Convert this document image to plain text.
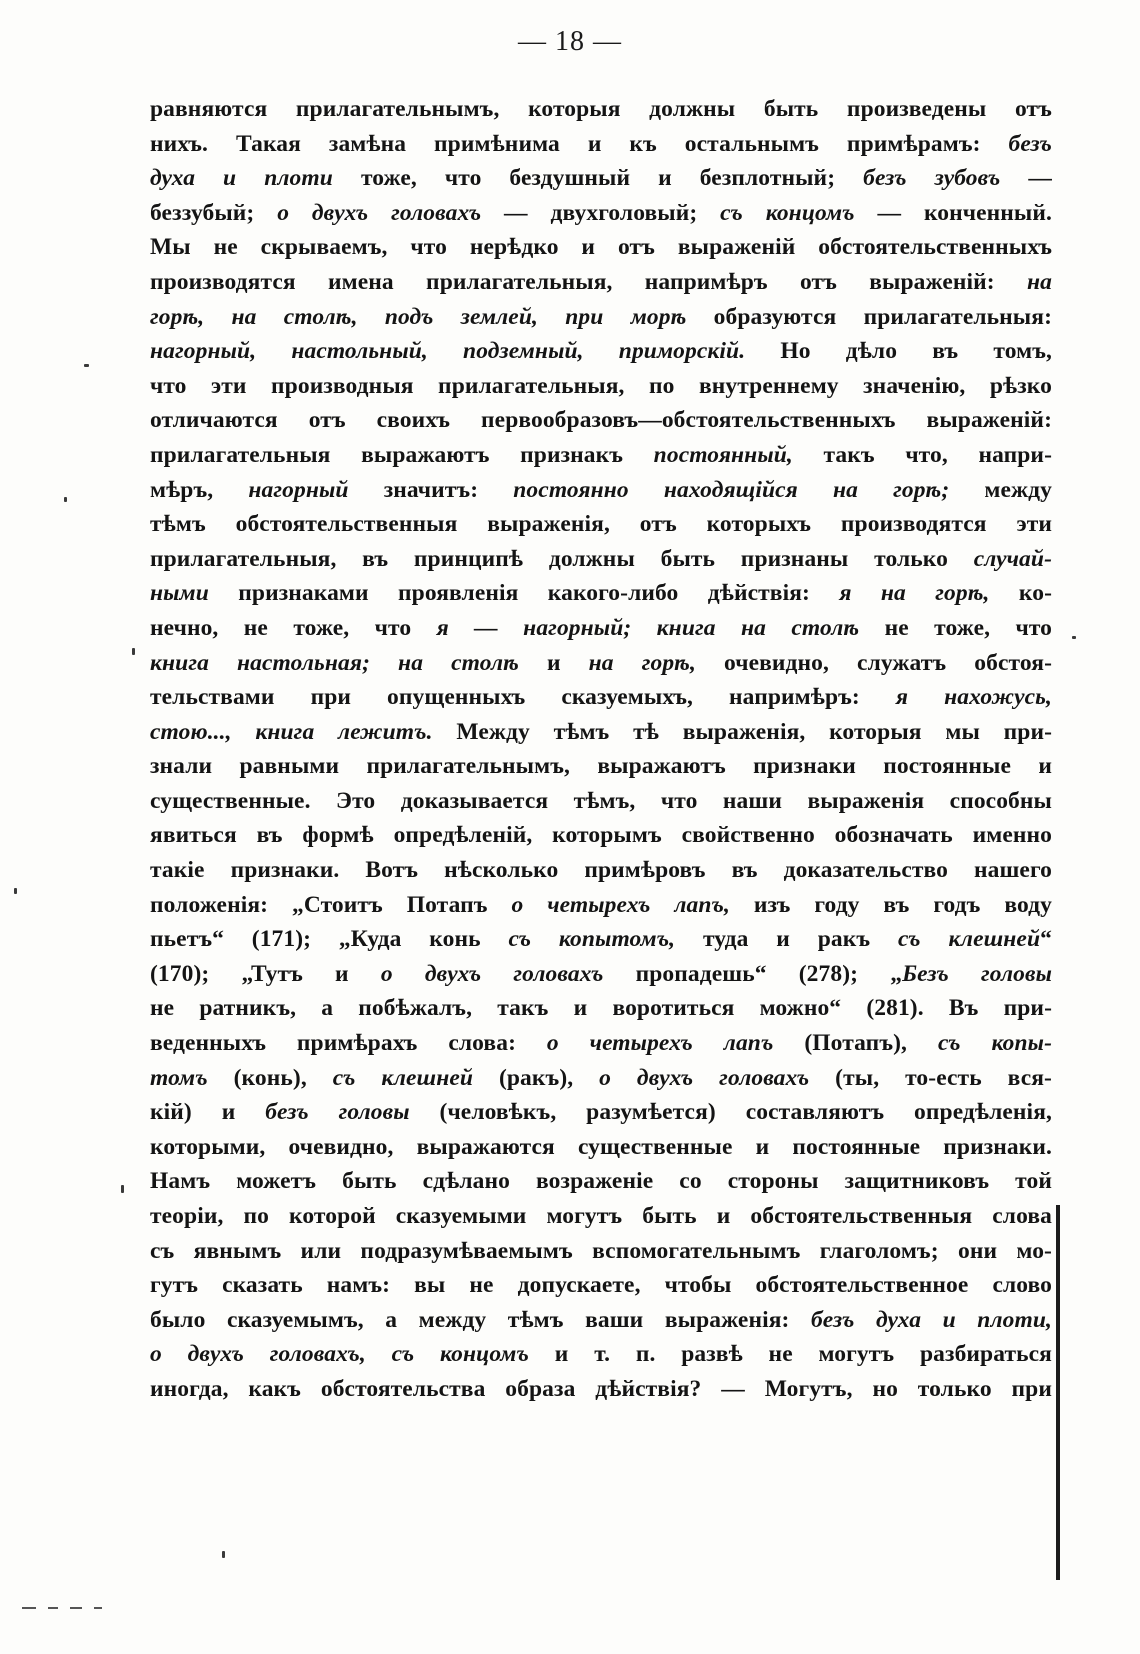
— 18 —
равняются прилагательнымъ, которыя должны быть произведены отъ
нихъ. Такая замѣна примѣнима и къ остальнымъ примѣрамъ: безъ
духа и плоти тоже, что бездушный и безплотный; безъ зубовъ —
беззубый; о двухъ головахъ — двухголовый; съ концомъ — конченный.
Мы не скрываемъ, что нерѣдко и отъ выраженій обстоятельственныхъ
производятся имена прилагательныя, напримѣръ отъ выраженій: на
горѣ, на столѣ, подъ землей, при морѣ образуются прилагательныя:
нагорный, настольный, подземный, приморскій. Но дѣло въ томъ,
что эти производныя прилагательныя, по внутреннему значенію, рѣзко
отличаются отъ своихъ первообразовъ—обстоятельственныхъ выраженій:
прилагательныя выражаютъ признакъ постоянный, такъ что, напри-
мѣръ, нагорный значитъ: постоянно находящійся на горѣ; между
тѣмъ обстоятельственныя выраженія, отъ которыхъ производятся эти
прилагательныя, въ принципѣ должны быть признаны только случай-
ными признаками проявленія какого-либо дѣйствія: я на горѣ, ко-
нечно, не тоже, что я — нагорный; книга на столѣ не тоже, что
книга настольная; на столѣ и на горѣ, очевидно, служатъ обстоя-
тельствами при опущенныхъ сказуемыхъ, напримѣръ: я нахожусь,
стою..., книга лежитъ. Между тѣмъ тѣ выраженія, которыя мы при-
знали равными прилагательнымъ, выражаютъ признаки постоянные и
существенные. Это доказывается тѣмъ, что наши выраженія способны
явиться въ формѣ опредѣленій, которымъ свойственно обозначать именно
такіе признаки. Вотъ нѣсколько примѣровъ въ доказательство нашего
положенія: „Стоитъ Потапъ о четырехъ лапъ, изъ году въ годъ воду
пьетъ“ (171); „Куда конь съ копытомъ, туда и ракъ съ клешней“
(170); „Тутъ и о двухъ головахъ пропадешь“ (278); „Безъ головы
не ратникъ, а побѣжалъ, такъ и воротиться можно“ (281). Въ при-
веденныхъ примѣрахъ слова: о четырехъ лапъ (Потапъ), съ копы-
томъ (конь), съ клешней (ракъ), о двухъ головахъ (ты, то-есть вся-
кій) и безъ головы (человѣкъ, разумѣется) составляютъ опредѣленія,
которыми, очевидно, выражаются существенные и постоянные признаки.
Намъ можетъ быть сдѣлано возраженіе со стороны защитниковъ той
теоріи, по которой сказуемыми могутъ быть и обстоятельственныя слова
съ явнымъ или подразумѣваемымъ вспомогательнымъ глаголомъ; они мо-
гутъ сказать намъ: вы не допускаете, чтобы обстоятельственное слово
было сказуемымъ, а между тѣмъ ваши выраженія: безъ духа и плоти,
о двухъ головахъ, съ концомъ и т. п. развѣ не могутъ разбираться
иногда, какъ обстоятельства образа дѣйствія? — Могутъ, но только при
